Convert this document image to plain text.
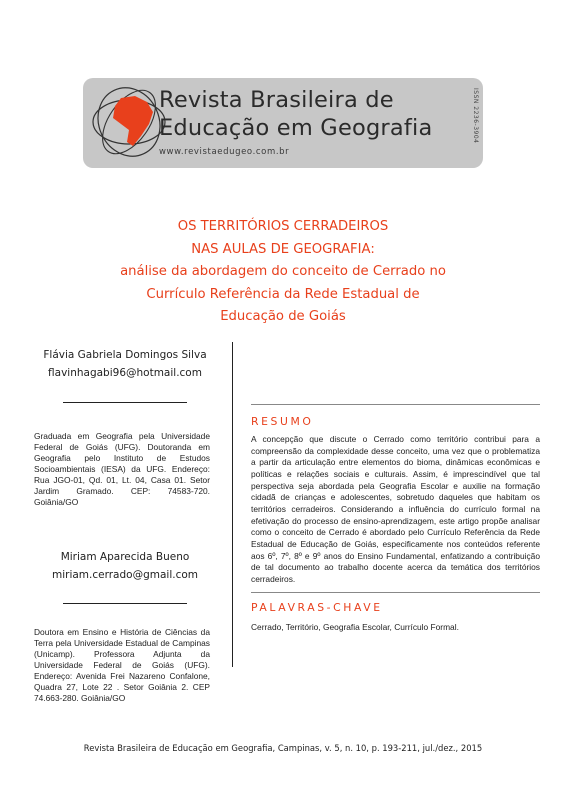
Revista Brasileira de
Educação em Geografia
www.revistaedugeo.com.br
ISSN 2236-3904

OS TERRITÓRIOS CERRADEIROS

NAS AULAS DE GEOGRAFIA:

análise da abordagem do conceito de Cerrado no

Currículo Referência da Rede Estadual de

Educação de Goiás

Flávia Gabriela Domingos Silva
flavinhagabi96@hotmail.com
Graduada em Geografia pela Universidade Federal de Goiás (UFG). Doutoranda em Geografia pelo Instituto de Estudos Socioambientais (IESA) da UFG. Endereço: Rua JGO-01, Qd. 01, Lt. 04, Casa 01. Setor Jardim Gramado. CEP: 74583-720. Goiânia/GO
Miriam Aparecida Bueno
miriam.cerrado@gmail.com
Doutora em Ensino e História de Ciências da Terra pela Universidade Estadual de Campinas (Unicamp). Professora Adjunta da Universidade Federal de Goiás (UFG). Endereço: Avenida Frei Nazareno Confalone, Quadra 27, Lote 22 . Setor Goiânia 2. CEP 74.663-280. Goiânia/GO
RESUMO
A concepção que discute o Cerrado como território contribui para a compreensão da complexidade desse conceito, uma vez que o problematiza a partir da articulação entre elementos do bioma, dinâmicas econômicas e políticas e relações sociais e culturais. Assim, é imprescindível que tal perspectiva seja abordada pela Geografia Escolar e auxilie na formação cidadã de crianças e adolescentes, sobretudo daqueles que habitam os territórios cerradeiros. Considerando a influência do currículo formal na efetivação do processo de ensino-aprendizagem, este artigo propõe analisar como o conceito de Cerrado é abordado pelo Currículo Referência da Rede Estadual de Educação de Goiás, especificamente nos conteúdos referente aos 6º, 7º, 8º e 9º anos do Ensino Fundamental, enfatizando a contribuição de tal documento ao trabalho docente acerca da temática dos territórios cerradeiros.
PALAVRAS-CHAVE
Cerrado, Território, Geografia Escolar, Currículo Formal.
Revista Brasileira de Educação em Geografia, Campinas, v. 5, n. 10, p. 193-211, jul./dez., 2015
